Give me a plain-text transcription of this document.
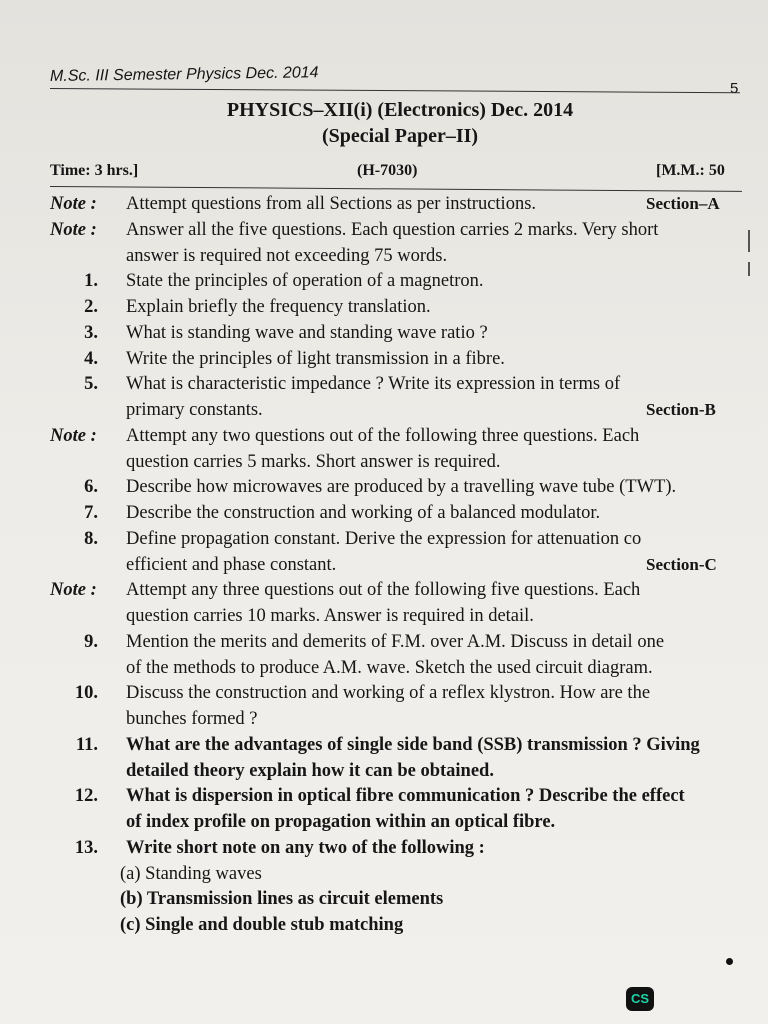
M.Sc. III Semester Physics Dec. 2014
5
PHYSICS–XII(i) (Electronics) Dec. 2014
(Special Paper–II)
Time: 3 hrs.]	(H-7030)	[M.M.: 50
Note : Attempt questions from all Sections as per instructions.	Section–A
Note : Answer all the five questions. Each question carries 2 marks. Very short
answer is required not exceeding 75 words.
1. State the principles of operation of a magnetron.
2. Explain briefly the frequency translation.
3. What is standing wave and standing wave ratio ?
4. Write the principles of light transmission in a fibre.
5. What is characteristic impedance ? Write its expression in terms of
primary constants.	Section-B
Note : Attempt any two questions out of the following three questions. Each
question carries 5 marks. Short answer is required.
6. Describe how microwaves are produced by a travelling wave tube (TWT).
7. Describe the construction and working of a balanced modulator.
8. Define propagation constant. Derive the expression for attenuation co
efficient and phase constant.	Section-C
Note : Attempt any three questions out of the following five questions. Each
question carries 10 marks. Answer is required in detail.
9. Mention the merits and demerits of F.M. over A.M. Discuss in detail one
of the methods to produce A.M. wave. Sketch the used circuit diagram.
10. Discuss the construction and working of a reflex klystron. How are the
bunches formed ?
11. What are the advantages of single side band (SSB) transmission ? Giving
detailed theory explain how it can be obtained.
12. What is dispersion in optical fibre communication ? Describe the effect
of index profile on propagation within an optical fibre.
13. Write short note on any two of the following :
(a) Standing waves
(b) Transmission lines as circuit elements
(c) Single and double stub matching
CS
